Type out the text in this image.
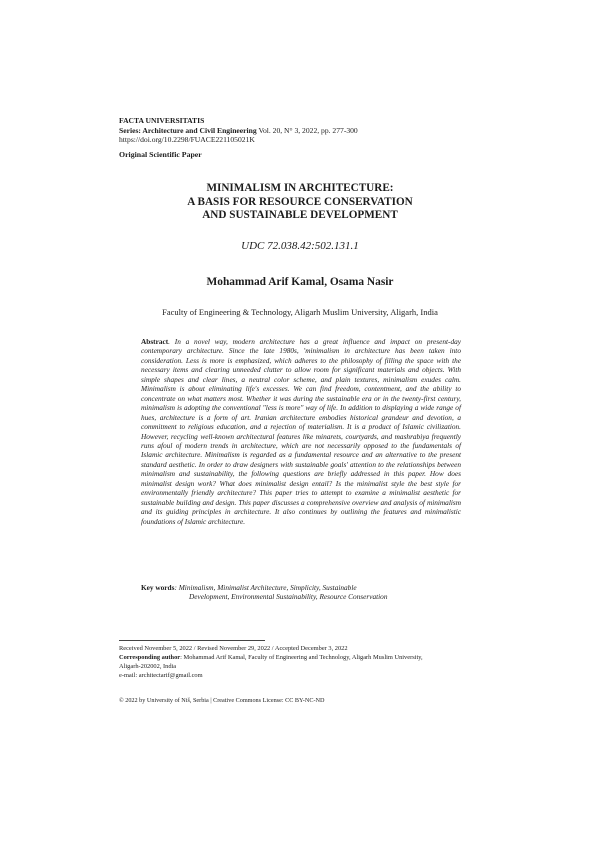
FACTA UNIVERSITATIS
Series: Architecture and Civil Engineering Vol. 20, N° 3, 2022, pp. 277-300
https://doi.org/10.2298/FUACE221105021K
Original Scientific Paper
MINIMALISM IN ARCHITECTURE:
A BASIS FOR RESOURCE CONSERVATION
AND SUSTAINABLE DEVELOPMENT
UDC 72.038.42:502.131.1
Mohammad Arif Kamal, Osama Nasir
Faculty of Engineering & Technology, Aligarh Muslim University, Aligarh, India
Abstract. In a novel way, modern architecture has a great influence and impact on present-day contemporary architecture. Since the late 1980s, 'minimalism in architecture has been taken into consideration. Less is more is emphasized, which adheres to the philosophy of filling the space with the necessary items and clearing unneeded clutter to allow room for significant materials and objects. With simple shapes and clear lines, a neutral color scheme, and plain textures, minimalism exudes calm. Minimalism is about eliminating life's excesses. We can find freedom, contentment, and the ability to concentrate on what matters most. Whether it was during the sustainable era or in the twenty-first century, minimalism is adopting the conventional "less is more" way of life. In addition to displaying a wide range of hues, architecture is a form of art. Iranian architecture embodies historical grandeur and devotion, a commitment to religious education, and a rejection of materialism. It is a product of Islamic civilization. However, recycling well-known architectural features like minarets, courtyards, and mashrabiya frequently runs afoul of modern trends in architecture, which are not necessarily opposed to the fundamentals of Islamic architecture. Minimalism is regarded as a fundamental resource and an alternative to the present standard aesthetic. In order to draw designers with sustainable goals' attention to the relationships between minimalism and sustainability, the following questions are briefly addressed in this paper. How does minimalist design work? What does minimalist design entail? Is the minimalist style the best style for environmentally friendly architecture? This paper tries to attempt to examine a minimalist aesthetic for sustainable building and design. This paper discusses a comprehensive overview and analysis of minimalism and its guiding principles in architecture. It also continues by outlining the features and minimalistic foundations of Islamic architecture.
Key words: Minimalism, Minimalist Architecture, Simplicity, Sustainable
Development, Environmental Sustainability, Resource Conservation
Received November 5, 2022 / Revised November 29, 2022 / Accepted December 3, 2022
Corresponding author: Mohammad Arif Kamal, Faculty of Engineering and Technology, Aligarh Muslim University,
Aligarh-202002, India
e-mail: architectarif@gmail.com
© 2022 by University of Niš, Serbia | Creative Commons License: CC BY-NC-ND
